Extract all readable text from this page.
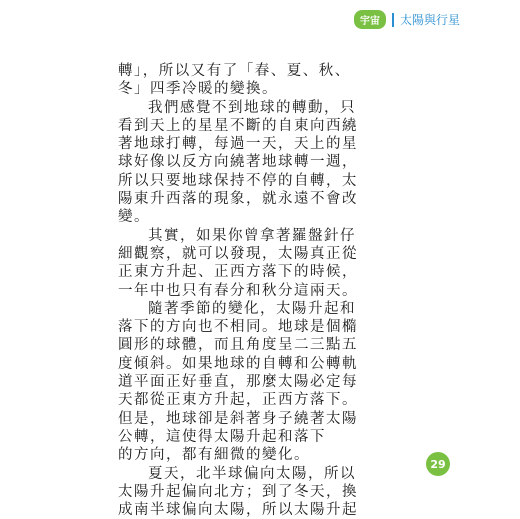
宇宙	太陽與行星
轉」，所以又有了「春、夏、秋、
冬」四季冷暖的變換。
我們感覺不到地球的轉動，只
看到天上的星星不斷的自東向西繞
著地球打轉，每過一天，天上的星
球好像以反方向繞著地球轉一週，
所以只要地球保持不停的自轉，太
陽東升西落的現象，就永遠不會改
變。
其實，如果你曾拿著羅盤針仔
細觀察，就可以發現，太陽真正從
正東方升起、正西方落下的時候，
一年中也只有春分和秋分這兩天。
隨著季節的變化，太陽升起和
落下的方向也不相同。地球是個橢
圓形的球體，而且角度呈二三點五
度傾斜。如果地球的自轉和公轉軌
道平面正好垂直，那麼太陽必定每
天都從正東方升起，正西方落下。
但是，地球卻是斜著身子繞著太陽
公轉，這使得太陽升起和落下
的方向，都有細微的變化。
夏天，北半球偏向太陽，所以
太陽升起偏向北方；到了冬天，換
成南半球偏向太陽，所以太陽升起
29
